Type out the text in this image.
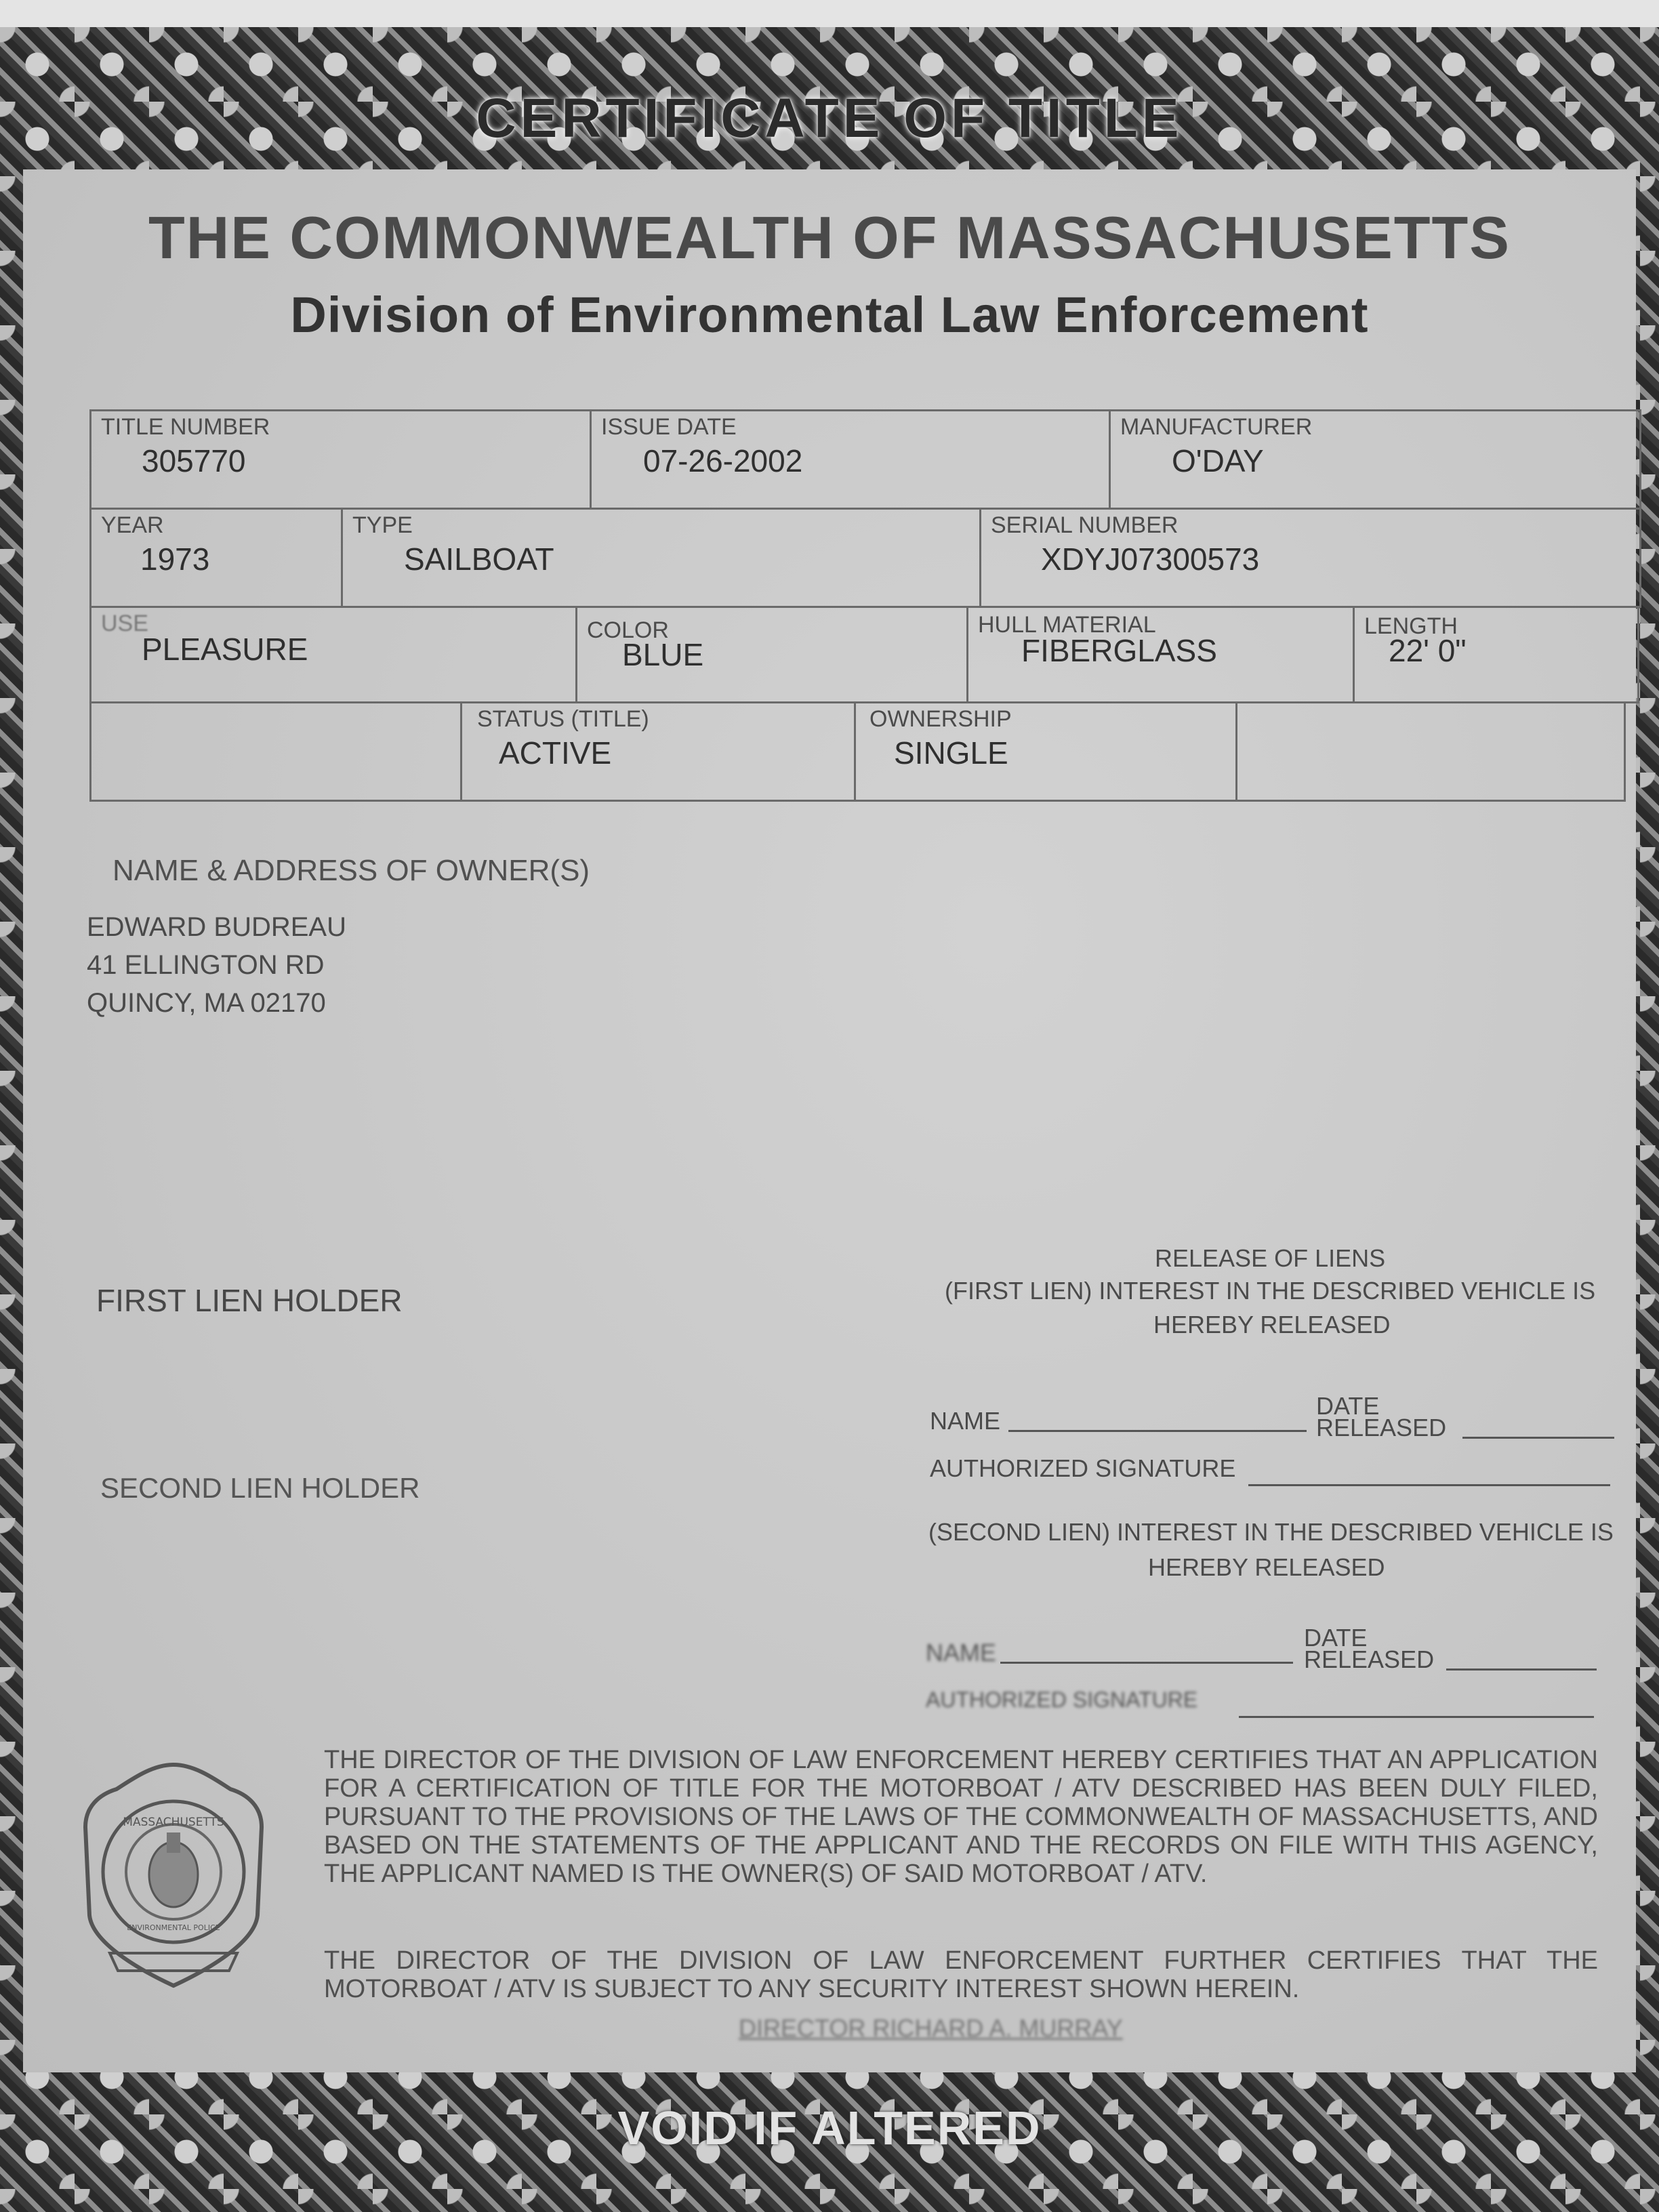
CERTIFICATE OF TITLE
VOID IF ALTERED
THE COMMONWEALTH OF MASSACHUSETTS
Division of Environmental Law Enforcement
TITLE NUMBER
305770
ISSUE DATE
07-26-2002
MANUFACTURER
O'DAY
YEAR
1973
TYPE
SAILBOAT
SERIAL NUMBER
XDYJ07300573
USE
PLEASURE
COLOR
BLUE
HULL MATERIAL
FIBERGLASS
LENGTH
22' 0"
STATUS (TITLE)
ACTIVE
OWNERSHIP
SINGLE
NAME & ADDRESS OF OWNER(S)
EDWARD BUDREAU
41 ELLINGTON RD
QUINCY, MA 02170
FIRST LIEN HOLDER
SECOND LIEN HOLDER
RELEASE OF LIENS
(FIRST LIEN) INTEREST IN THE DESCRIBED VEHICLE IS
HEREBY RELEASED
NAME
DATE
RELEASED
AUTHORIZED SIGNATURE
(SECOND LIEN) INTEREST IN THE DESCRIBED VEHICLE IS
HEREBY RELEASED
NAME
DATE
RELEASED
AUTHORIZED SIGNATURE
MASSACHUSETTS
ENVIRONMENTAL POLICE
THE DIRECTOR OF THE DIVISION OF LAW ENFORCEMENT HEREBY CERTIFIES THAT AN APPLICATION FOR A CERTIFICATION OF TITLE FOR THE MOTORBOAT / ATV DESCRIBED HAS BEEN DULY FILED, PURSUANT TO THE PROVISIONS OF THE LAWS OF THE COMMONWEALTH OF MASSACHUSETTS, AND BASED ON THE STATEMENTS OF THE APPLICANT AND THE RECORDS ON FILE WITH THIS AGENCY, THE APPLICANT NAMED IS THE OWNER(S) OF SAID MOTORBOAT / ATV.
THE DIRECTOR OF THE DIVISION OF LAW ENFORCEMENT FURTHER CERTIFIES THAT THE MOTORBOAT / ATV IS SUBJECT TO ANY SECURITY INTEREST SHOWN HEREIN.
DIRECTOR RICHARD A. MURRAY
